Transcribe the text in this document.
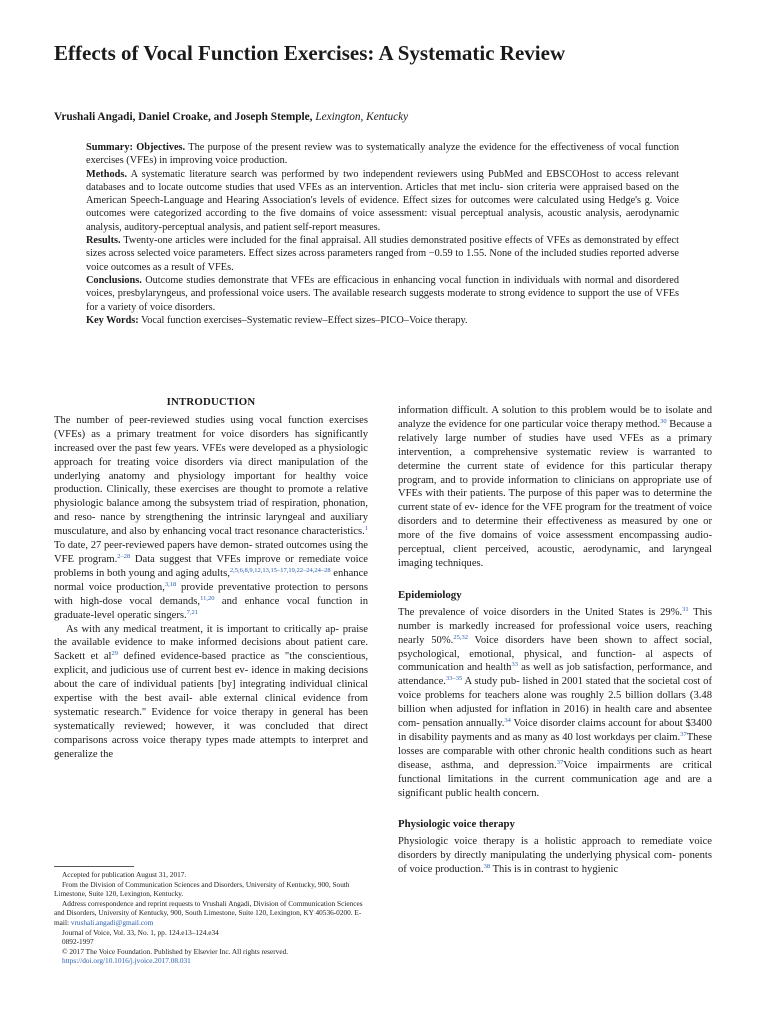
Effects of Vocal Function Exercises: A Systematic Review
Vrushali Angadi, Daniel Croake, and Joseph Stemple, Lexington, Kentucky

Summary: Objectives. The purpose of the present review was to systematically analyze the evidence for the effectiveness of vocal function exercises (VFEs) in improving voice production.

Methods. A systematic literature search was performed by two independent reviewers using PubMed and EBSCOHost to access relevant databases and to locate outcome studies that used VFEs as an intervention. Articles that met inclu- sion criteria were appraised based on the American Speech-Language and Hearing Association's levels of evidence. Effect sizes for outcomes were calculated using Hedge's g. Voice outcomes were categorized according to the five domains of voice assessment: visual perceptual analysis, acoustic analysis, aerodynamic analysis, auditory-perceptual analysis, and patient self-report measures.

Results. Twenty-one articles were included for the final appraisal. All studies demonstrated positive effects of VFEs as demonstrated by effect sizes across selected voice parameters. Effect sizes across parameters ranged from −0.59 to 1.55. None of the included studies reported adverse voice outcomes as a result of VFEs.

Conclusions. Outcome studies demonstrate that VFEs are efficacious in enhancing vocal function in individuals with normal and disordered voices, presbylaryngeus, and professional voice users. The available research suggests moderate to strong evidence to support the use of VFEs for a variety of voice disorders.

Key Words: Vocal function exercises–Systematic review–Effect sizes–PICO–Voice therapy.

INTRODUCTION

The number of peer-reviewed studies using vocal function exercises (VFEs) as a primary treatment for voice disorders has significantly increased over the past few years. VFEs were developed as a physiologic approach for treating voice disorders via direct manipulation of the underlying anatomy and physiology important for healthy voice production. Clinically, these exercises are thought to promote a relative physiologic balance among the subsystem triad of respiration, phonation, and reso- nance by strengthening the intrinsic laryngeal and auxiliary musculature, and also by enhancing vocal tract resonance characteristics.$^1$ To date, 27 peer-reviewed papers have demon- strated outcomes using the VFE program.$^{2-28}$ Data suggest that VFEs improve or remediate voice problems in both young and aging adults,$^{2,5,6,8,9,12,13,15-17,19,22-24,24-28}$ enhance normal voice production,$^{3,18}$ provide preventative protection to persons with high-dose vocal demands,$^{11,20}$ and enhance vocal function in graduate-level operatic singers.$^{7,21}$

As with any medical treatment, it is important to critically ap- praise the available evidence to make informed decisions about patient care. Sackett et $al^{29}$ defined evidence-based practice as "the conscientious, explicit, and judicious use of current best ev- idence in making decisions about the care of individual patients [by] integrating individual clinical expertise with the best avail- able external clinical evidence from systematic research." Evidence for voice therapy in general has been systematically reviewed; however, it was concluded that direct comparisons across voice therapy types made attempts to interpret and generalize the

information difficult. A solution to this problem would be to isolate and analyze the evidence for one particular voice therapy method.$^{30}$ Because a relatively large number of studies have used VFEs as a primary intervention, a comprehensive systematic review is warranted to determine the current state of evidence for this particular therapy program, and to provide information to clinicians on appropriate use of VFEs with their patients. The purpose of this paper was to determine the current state of ev- idence for the VFE program for the treatment of voice disorders and to determine their effectiveness as measured by one or more of the five domains of voice assessment encompassing audio- perceptual, client perceived, acoustic, aerodynamic, and laryngeal imaging techniques.

Epidemiology

The prevalence of voice disorders in the United States is 29%.$^{31}$ This number is markedly increased for professional voice users, reaching nearly 50%.$^{25,32}$ Voice disorders have been shown to affect social, psychological, emotional, physical, and function- al aspects of communication and health$^{33}$ as well as job satisfaction, performance, and attendance.$^{33-35}$ A study pub- lished in 2001 stated that the societal cost of voice problems for teachers alone was roughly 2.5 billion dollars (3.48 billion when adjusted for inflation in 2016) in health care and absentee com- pensation annually.$^{34}$ Voice disorder claims account for about $3400 in disability payments and as many as 40 lost workdays per claim.$^{37}$These losses are comparable with other chronic health conditions such as heart disease, asthma, and depression.$^{37}$Voice impairments are critical functional limitations in the current communication age and are a significant public health concern.

Physiologic voice therapy

Physiologic voice therapy is a holistic approach to remediate voice disorders by directly manipulating the underlying physical com- ponents of voice production.$^{38}$ This is in contrast to hygienic

Accepted for publication August 31, 2017.

From the Division of Communication Sciences and Disorders, University of Kentucky, 900, South Limestone, Suite 120, Lexington, Kentucky.

Address correspondence and reprint requests to Vrushali Angadi, Division of Communication Sciences and Disorders, University of Kentucky, 900, South Limestone, Suite 120, Lexington, KY 40536-0200. E-mail: vrushali.angadi@gmail.com

Journal of Voice, Vol. 33, No. 1, pp. 124.e13–124.e34

0892-1997

© 2017 The Voice Foundation. Published by Elsevier Inc. All rights reserved.

https://doi.org/10.1016/j.jvoice.2017.08.031
